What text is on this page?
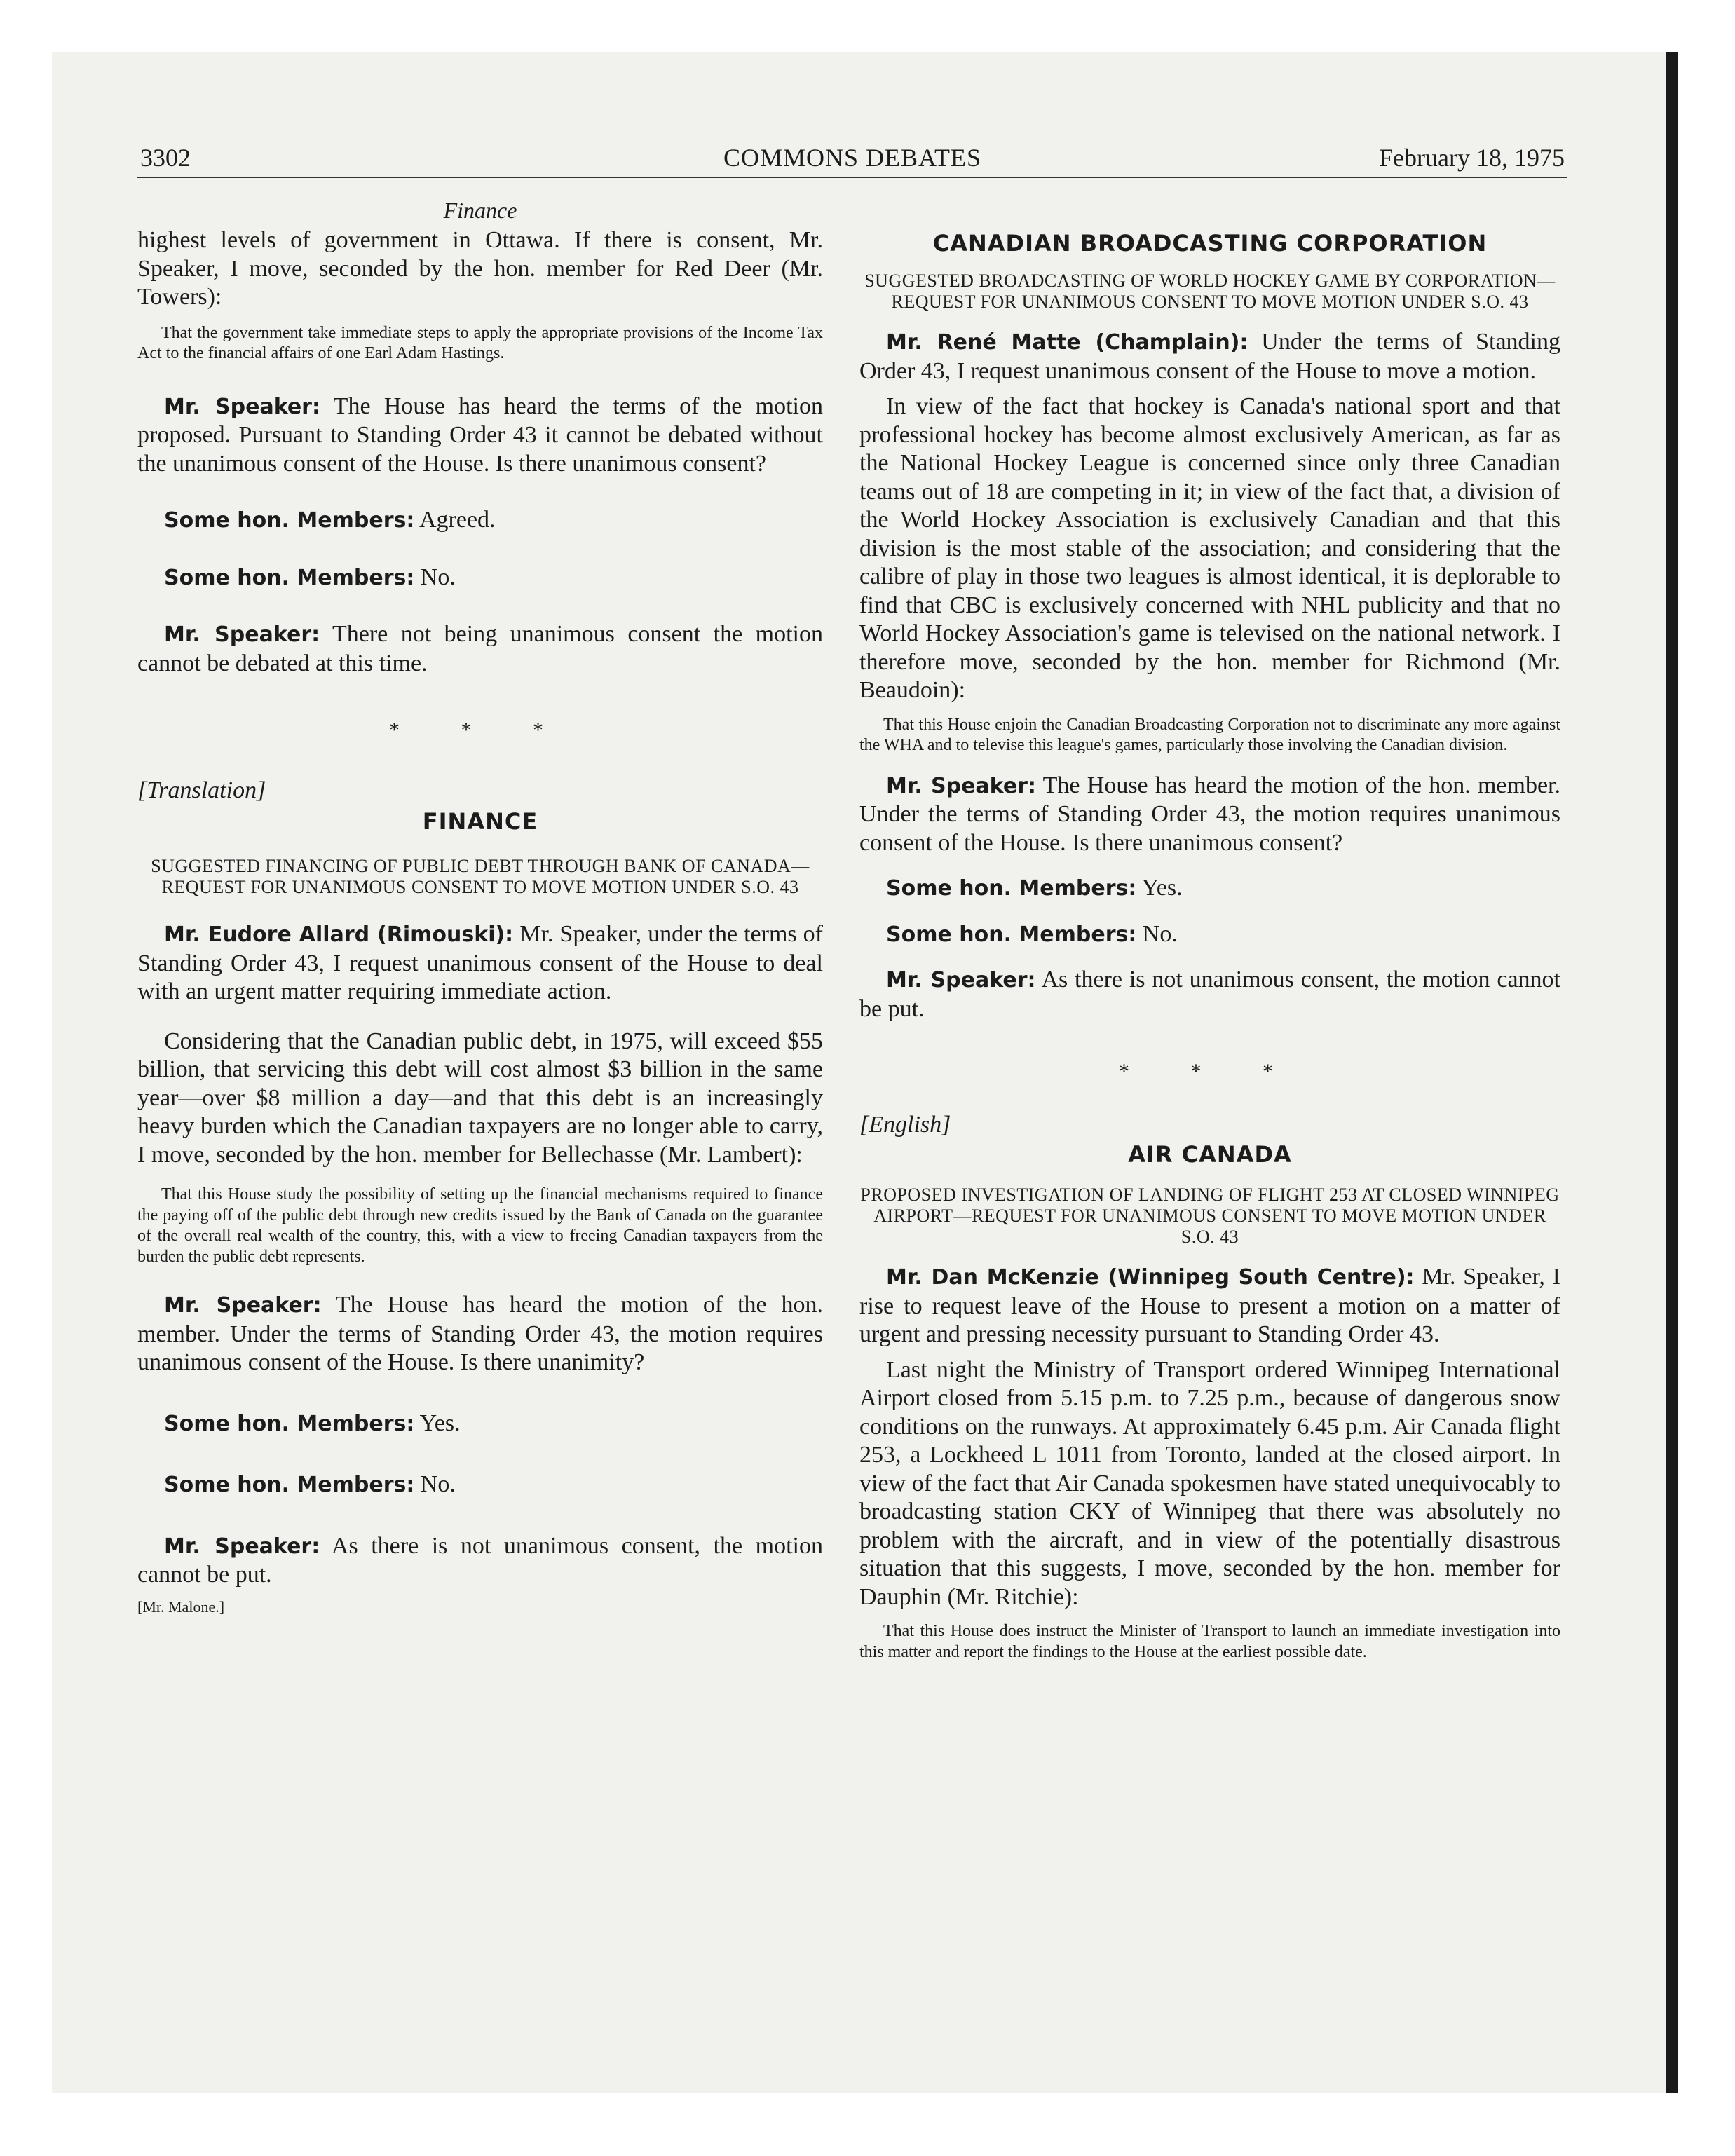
3302	COMMONS DEBATES	February 18, 1975

Finance

highest levels of government in Ottawa. If there is consent, Mr. Speaker, I move, seconded by the hon. member for Red Deer (Mr. Towers):

That the government take immediate steps to apply the appropriate provisions of the Income Tax Act to the financial affairs of one Earl Adam Hastings.

Mr. Speaker: The House has heard the terms of the motion proposed. Pursuant to Standing Order 43 it cannot be debated without the unanimous consent of the House. Is there unanimous consent?

Some hon. Members: Agreed.

Some hon. Members: No.

Mr. Speaker: There not being unanimous consent the motion cannot be debated at this time.

* * *

[Translation]

FINANCE

SUGGESTED FINANCING OF PUBLIC DEBT THROUGH BANK OF CANADA—REQUEST FOR UNANIMOUS CONSENT TO MOVE MOTION UNDER S.O. 43

Mr. Eudore Allard (Rimouski): Mr. Speaker, under the terms of Standing Order 43, I request unanimous consent of the House to deal with an urgent matter requiring immediate action.

Considering that the Canadian public debt, in 1975, will exceed $55 billion, that servicing this debt will cost almost $3 billion in the same year—over $8 million a day—and that this debt is an increasingly heavy burden which the Canadian taxpayers are no longer able to carry, I move, seconded by the hon. member for Bellechasse (Mr. Lambert):

That this House study the possibility of setting up the financial mechanisms required to finance the paying off of the public debt through new credits issued by the Bank of Canada on the guarantee of the overall real wealth of the country, this, with a view to freeing Canadian taxpayers from the burden the public debt represents.

Mr. Speaker: The House has heard the motion of the hon. member. Under the terms of Standing Order 43, the motion requires unanimous consent of the House. Is there unanimity?

Some hon. Members: Yes.

Some hon. Members: No.

Mr. Speaker: As there is not unanimous consent, the motion cannot be put.

[Mr. Malone.]

CANADIAN BROADCASTING CORPORATION

SUGGESTED BROADCASTING OF WORLD HOCKEY GAME BY CORPORATION—REQUEST FOR UNANIMOUS CONSENT TO MOVE MOTION UNDER S.O. 43

Mr. René Matte (Champlain): Under the terms of Standing Order 43, I request unanimous consent of the House to move a motion.

In view of the fact that hockey is Canada's national sport and that professional hockey has become almost exclusively American, as far as the National Hockey League is concerned since only three Canadian teams out of 18 are competing in it; in view of the fact that, a division of the World Hockey Association is exclusively Canadian and that this division is the most stable of the association; and considering that the calibre of play in those two leagues is almost identical, it is deplorable to find that CBC is exclusively concerned with NHL publicity and that no World Hockey Association's game is televised on the national network. I therefore move, seconded by the hon. member for Richmond (Mr. Beaudoin):

That this House enjoin the Canadian Broadcasting Corporation not to discriminate any more against the WHA and to televise this league's games, particularly those involving the Canadian division.

Mr. Speaker: The House has heard the motion of the hon. member. Under the terms of Standing Order 43, the motion requires unanimous consent of the House. Is there unanimous consent?

Some hon. Members: Yes.

Some hon. Members: No.

Mr. Speaker: As there is not unanimous consent, the motion cannot be put.

* * *

[English]

AIR CANADA

PROPOSED INVESTIGATION OF LANDING OF FLIGHT 253 AT CLOSED WINNIPEG AIRPORT—REQUEST FOR UNANIMOUS CONSENT TO MOVE MOTION UNDER S.O. 43

Mr. Dan McKenzie (Winnipeg South Centre): Mr. Speaker, I rise to request leave of the House to present a motion on a matter of urgent and pressing necessity pursuant to Standing Order 43.

Last night the Ministry of Transport ordered Winnipeg International Airport closed from 5.15 p.m. to 7.25 p.m., because of dangerous snow conditions on the runways. At approximately 6.45 p.m. Air Canada flight 253, a Lockheed L 1011 from Toronto, landed at the closed airport. In view of the fact that Air Canada spokesmen have stated unequivocably to broadcasting station CKY of Winnipeg that there was absolutely no problem with the aircraft, and in view of the potentially disastrous situation that this suggests, I move, seconded by the hon. member for Dauphin (Mr. Ritchie):

That this House does instruct the Minister of Transport to launch an immediate investigation into this matter and report the findings to the House at the earliest possible date.
